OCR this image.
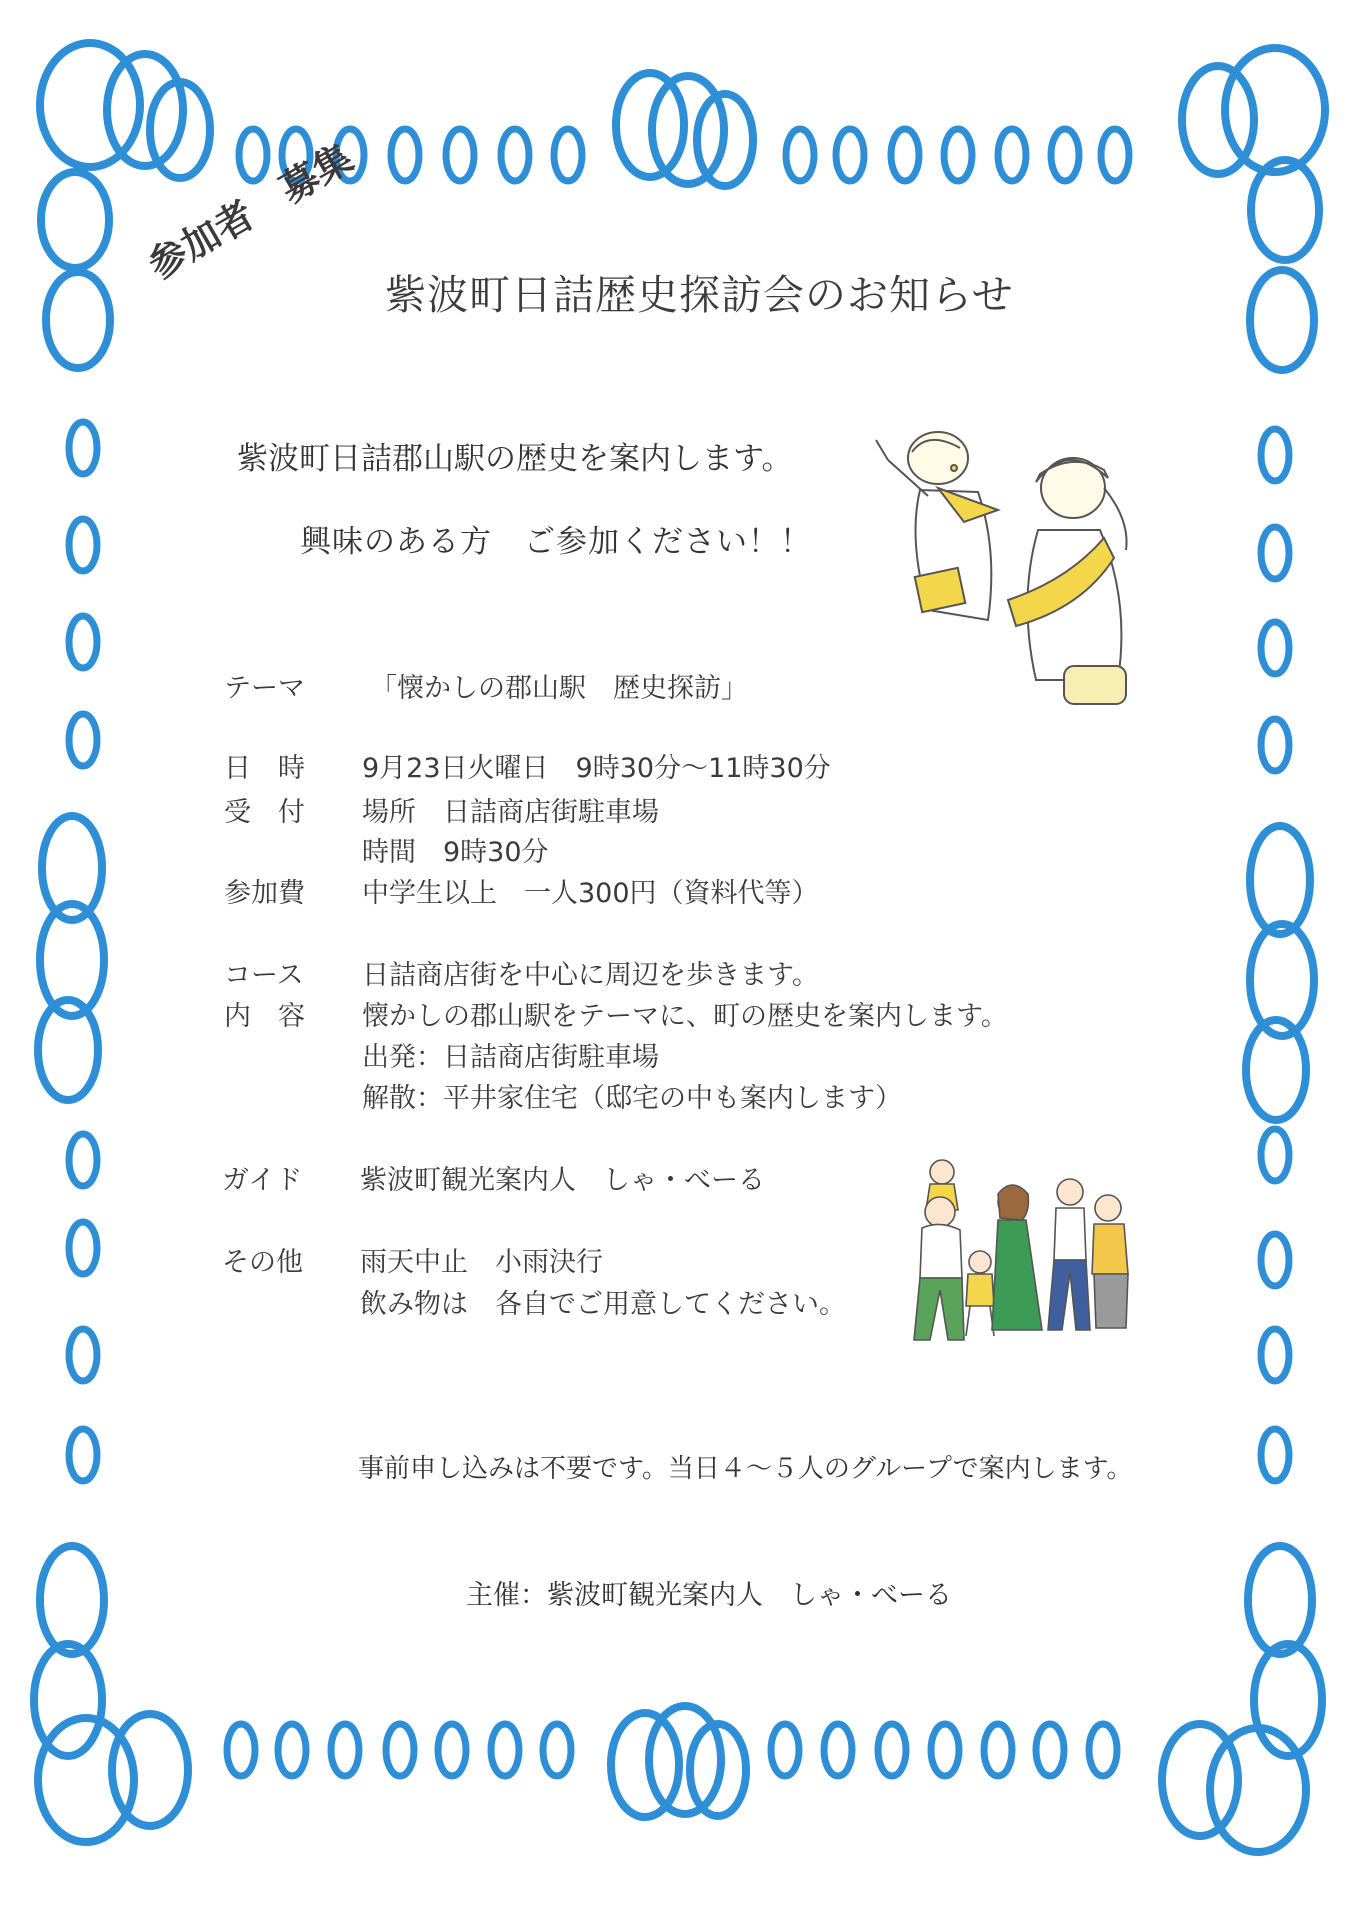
参加者　募集
紫波町日詰歴史探訪会のお知らせ
紫波町日詰郡山駅の歴史を案内します。
興味のある方　ご参加ください！！
テーマ 「懐かしの郡山駅　歴史探訪」
日　時 9月23日火曜日　9時30分～11時30分
受　付 場所　日詰商店街駐車場
時間　9時30分
参加費 中学生以上　一人300円（資料代等）
コース
内　容
日詰商店街を中心に周辺を歩きます。
懐かしの郡山駅をテーマに、町の歴史を案内します。
出発：日詰商店街駐車場
解散：平井家住宅（邸宅の中も案内します）
ガイド 紫波町観光案内人　しゃ・べーる
その他 雨天中止　小雨決行
飲み物は　各自でご用意してください。
事前申し込みは不要です。当日４～５人のグループで案内します。
主催：紫波町観光案内人　しゃ・べーる
